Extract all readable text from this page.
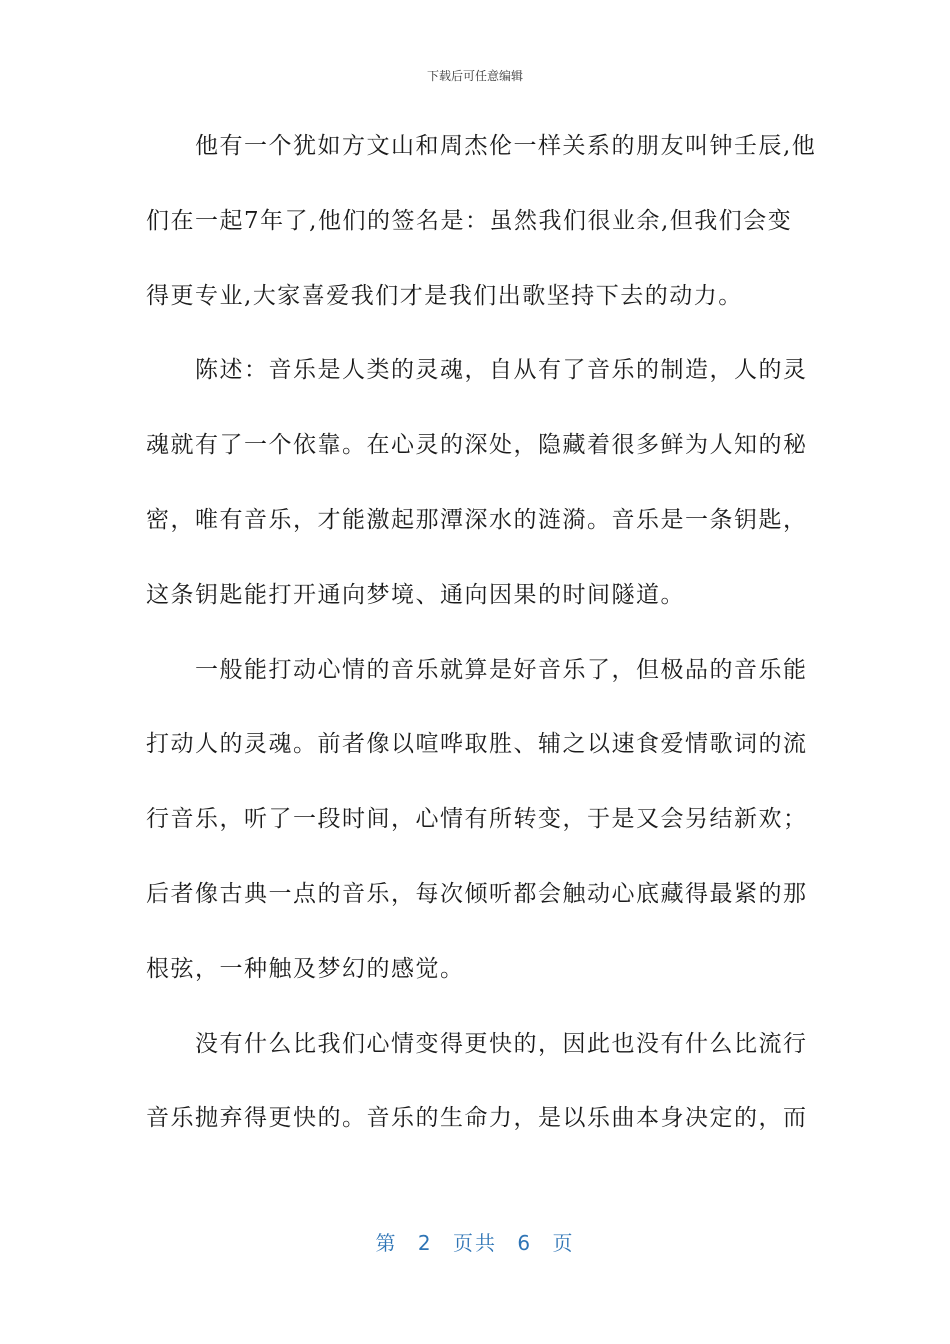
下载后可任意编辑
　　他有一个犹如方文山和周杰伦一样关系的朋友叫钟壬辰,他
们在一起7年了,他们的签名是：虽然我们很业余,但我们会变
得更专业,大家喜爱我们才是我们出歌坚持下去的动力。
　　陈述：音乐是人类的灵魂，自从有了音乐的制造，人的灵
魂就有了一个依靠。在心灵的深处，隐藏着很多鲜为人知的秘
密，唯有音乐，才能激起那潭深水的涟漪。音乐是一条钥匙，
这条钥匙能打开通向梦境、通向因果的时间隧道。
　　一般能打动心情的音乐就算是好音乐了，但极品的音乐能
打动人的灵魂。前者像以喧哗取胜、辅之以速食爱情歌词的流
行音乐，听了一段时间，心情有所转变，于是又会另结新欢；
后者像古典一点的音乐，每次倾听都会触动心底藏得最紧的那
根弦，一种触及梦幻的感觉。
　　没有什么比我们心情变得更快的，因此也没有什么比流行
音乐抛弃得更快的。音乐的生命力，是以乐曲本身决定的，而
第 2 页共 6 页
